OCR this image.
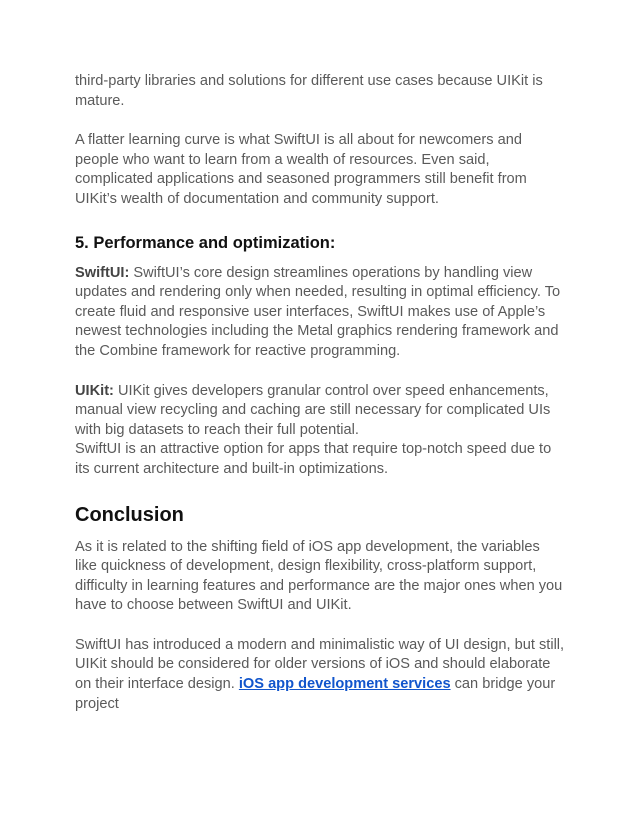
third-party libraries and solutions for different use cases because UIKit is mature.

A flatter learning curve is what SwiftUI is all about for newcomers and people who want to learn from a wealth of resources. Even said, complicated applications and seasoned programmers still benefit from UIKit’s wealth of documentation and community support.

5. Performance and optimization:

SwiftUI: SwiftUI’s core design streamlines operations by handling view updates and rendering only when needed, resulting in optimal efficiency. To create fluid and responsive user interfaces, SwiftUI makes use of Apple’s newest technologies including the Metal graphics rendering framework and the Combine framework for reactive programming.

UIKit: UIKit gives developers granular control over speed enhancements, manual view recycling and caching are still necessary for complicated UIs with big datasets to reach their full potential.

SwiftUI is an attractive option for apps that require top-notch speed due to its current architecture and built-in optimizations.

Conclusion

As it is related to the shifting field of iOS app development, the variables like quickness of development, design flexibility, cross-platform support, difficulty in learning features and performance are the major ones when you have to choose between SwiftUI and UIKit.

SwiftUI has introduced a modern and minimalistic way of UI design, but still, UIKit should be considered for older versions of iOS and should elaborate on their interface design. iOS app development services can bridge your project
